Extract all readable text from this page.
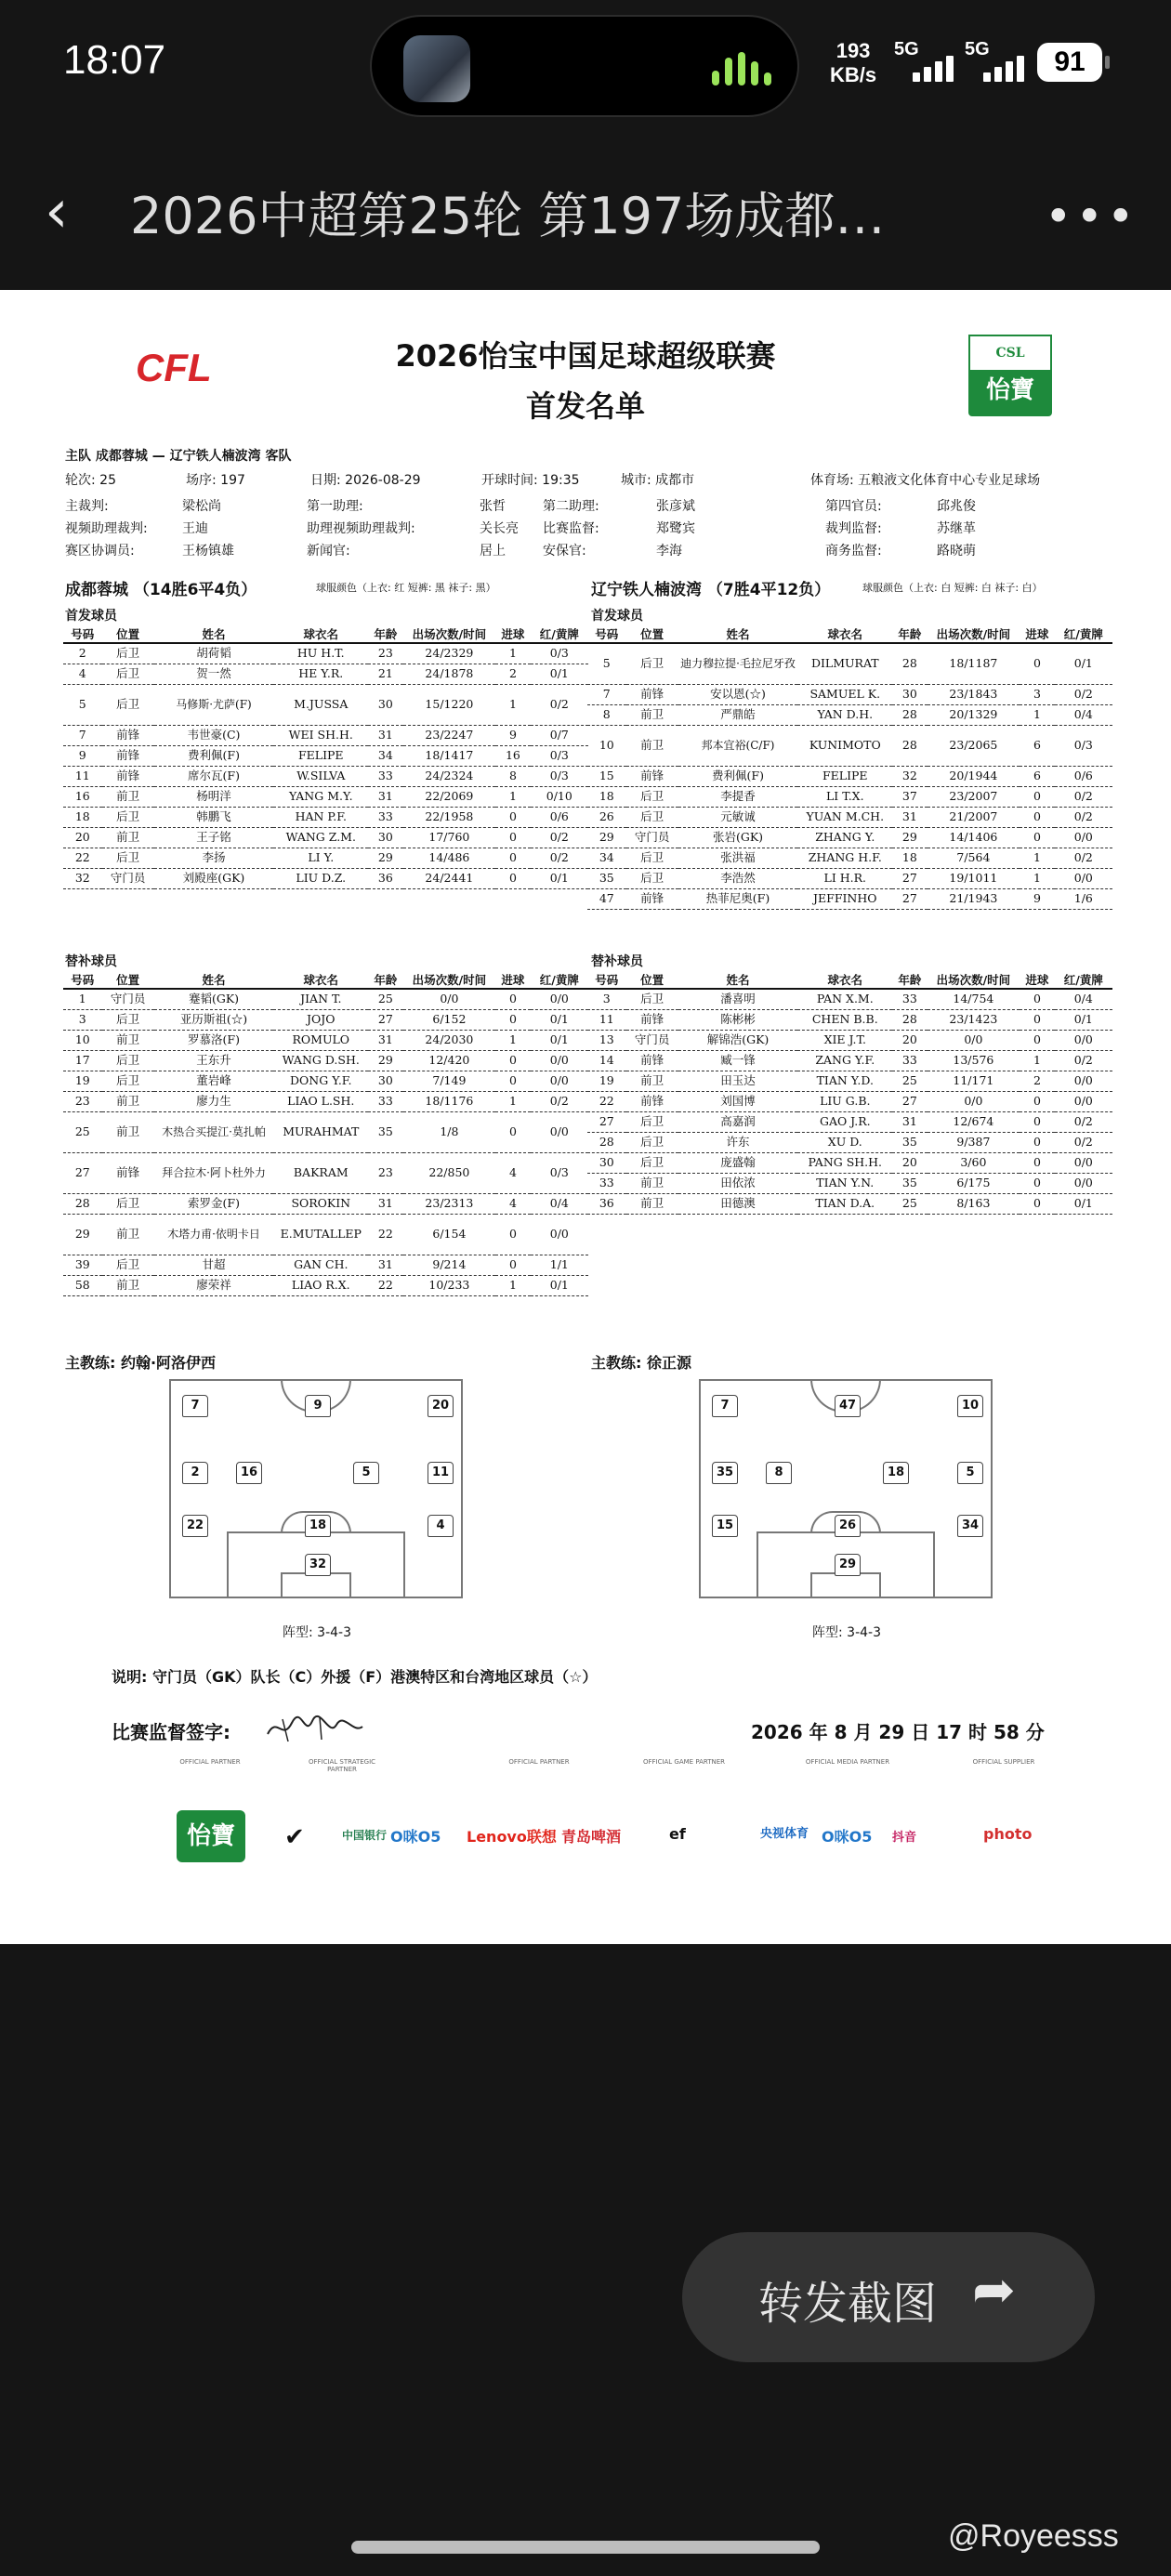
18:07	193
KB/s
5G 5G	91
‹ 2026中超第25轮 第197场成都…	•••
CFL	CSL
怡寶
2026怡宝中国足球超级联赛
首发名单
主队 成都蓉城 — 辽宁铁人楠波湾 客队
轮次: 25	场序: 197	日期: 2026-08-29	开球时间: 19:35	城市: 成都市	体育场: 五粮液文化体育中心专业足球场
主裁判:	梁松尚	第一助理:	张哲	第二助理:	张彦斌	第四官员:	邱兆俊
视频助理裁判:	王迪	助理视频助理裁判:	关长亮 比赛监督:	郑鹭宾	裁判监督:	苏继革
赛区协调员:	王杨镇雄	新闻官:	居上	安保官:	李海	商务监督:	路晓萌
成都蓉城 （14胜6平4负）	球服颜色（上衣: 红 短裤: 黑 袜子: 黑）	辽宁铁人楠波湾 （7胜4平12负）	球服颜色（上衣: 白 短裤: 白 袜子: 白）
首发球员	首发球员
号码	位置	姓名	球衣名	年龄	出场次数/时间	进球	红/黄牌
2	后卫	胡荷韬	HU H.T.	23	24/2329	1	0/3
4	后卫	贺一然	HE Y.R.	21	24/1878	2	0/1
5	后卫	马修斯·尤萨(F)	M.JUSSA	30	15/1220	1	0/2
7	前锋	韦世豪(C)	WEI SH.H.	31	23/2247	9	0/7
9	前锋	费利佩(F)	FELIPE	34	18/1417	16	0/3
11	前锋	席尔瓦(F)	W.SILVA	33	24/2324	8	0/3
16	前卫	杨明洋	YANG M.Y.	31	22/2069	1	0/10
18	后卫	韩鹏飞	HAN P.F.	33	22/1958	0	0/6
20	前卫	王子铭	WANG Z.M.	30	17/760	0	0/2
22	后卫	李扬	LI Y.	29	14/486	0	0/2
32	守门员	刘殿座(GK)	LIU D.Z.	36	24/2441	0	0/1
号码	位置	姓名	球衣名	年龄	出场次数/时间	进球	红/黄牌
5	后卫	迪力穆拉提·毛拉尼牙孜	DILMURAT	28	18/1187	0	0/1
7	前锋	安以恩(☆)	SAMUEL K.	30	23/1843	3	0/2
8	前卫	严鼎皓	YAN D.H.	28	20/1329	1	0/4
10	前卫	邦本宜裕(C/F)	KUNIMOTO	28	23/2065	6	0/3
15	前锋	费利佩(F)	FELIPE	32	20/1944	6	0/6
18	后卫	李提香	LI T.X.	37	23/2007	0	0/2
26	后卫	元敏诚	YUAN M.CH.	31	21/2007	0	0/2
29	守门员	张岩(GK)	ZHANG Y.	29	14/1406	0	0/0
34	后卫	张洪福	ZHANG H.F.	18	7/564	1	0/2
35	后卫	李浩然	LI H.R.	27	19/1011	1	0/0
47	前锋	热菲尼奥(F)	JEFFINHO	27	21/1943	9	1/6
替补球员	替补球员
号码	位置	姓名	球衣名	年龄	出场次数/时间	进球	红/黄牌
1	守门员	蹇韬(GK)	JIAN T.	25	0/0	0	0/0
3	后卫	亚历斯祖(☆)	JOJO	27	6/152	0	0/1
10	前卫	罗慕洛(F)	ROMULO	31	24/2030	1	0/1
17	后卫	王东升	WANG D.SH.	29	12/420	0	0/0
19	后卫	董岩峰	DONG Y.F.	30	7/149	0	0/0
23	前卫	廖力生	LIAO L.SH.	33	18/1176	1	0/2
25	前卫	木热合买提江·莫扎帕	MURAHMAT	35	1/8	0	0/0
27	前锋	拜合拉木·阿卜杜外力	BAKRAM	23	22/850	4	0/3
28	后卫	索罗金(F)	SOROKIN	31	23/2313	4	0/4
29	前卫	木塔力甫·依明卡日	E.MUTALLEP	22	6/154	0	0/0
39	后卫	甘超	GAN CH.	31	9/214	0	1/1
58	前卫	廖荣祥	LIAO R.X.	22	10/233	1	0/1
号码	位置	姓名	球衣名	年龄	出场次数/时间	进球	红/黄牌
3	后卫	潘喜明	PAN X.M.	33	14/754	0	0/4
11	前锋	陈彬彬	CHEN B.B.	28	23/1423	0	0/1
13	守门员	解锦浩(GK)	XIE J.T.	20	0/0	0	0/0
14	前锋	臧一锋	ZANG Y.F.	33	13/576	1	0/2
19	前卫	田玉达	TIAN Y.D.	25	11/171	2	0/0
22	前锋	刘国博	LIU G.B.	27	0/0	0	0/0
27	后卫	高嘉润	GAO J.R.	31	12/674	0	0/2
28	后卫	许东	XU D.	35	9/387	0	0/2
30	后卫	庞盛翰	PANG SH.H.	20	3/60	0	0/0
33	前卫	田依浓	TIAN Y.N.	35	6/175	0	0/0
36	前卫	田德澳	TIAN D.A.	25	8/163	0	0/1
主教练: 约翰·阿洛伊西	主教练: 徐正源
7	9	20
2	16	5	11
22	18	4
32
7	47	10
35	8	18	5
15	26	34
29
阵型: 3-4-3	阵型: 3-4-3
说明: 守门员（GK）队长（C）外援（F）港澳特区和台湾地区球员（☆）
比赛监督签字:	2026 年 8 月 29 日 17 时 58 分
OFFICIAL PARTNER	OFFICIAL STRATEGIC PARTNER
OFFICIAL PARTNER	OFFICIAL GAME PARTNER	OFFICIAL MEDIA PARTNER	OFFICIAL SUPPLIER
怡寶	✔	中国银行 O咪O5 Lenovo联想 青岛啤酒	ef	央视体育 O咪O5 抖音	photo
转发截图 ➦
@Royeesss
